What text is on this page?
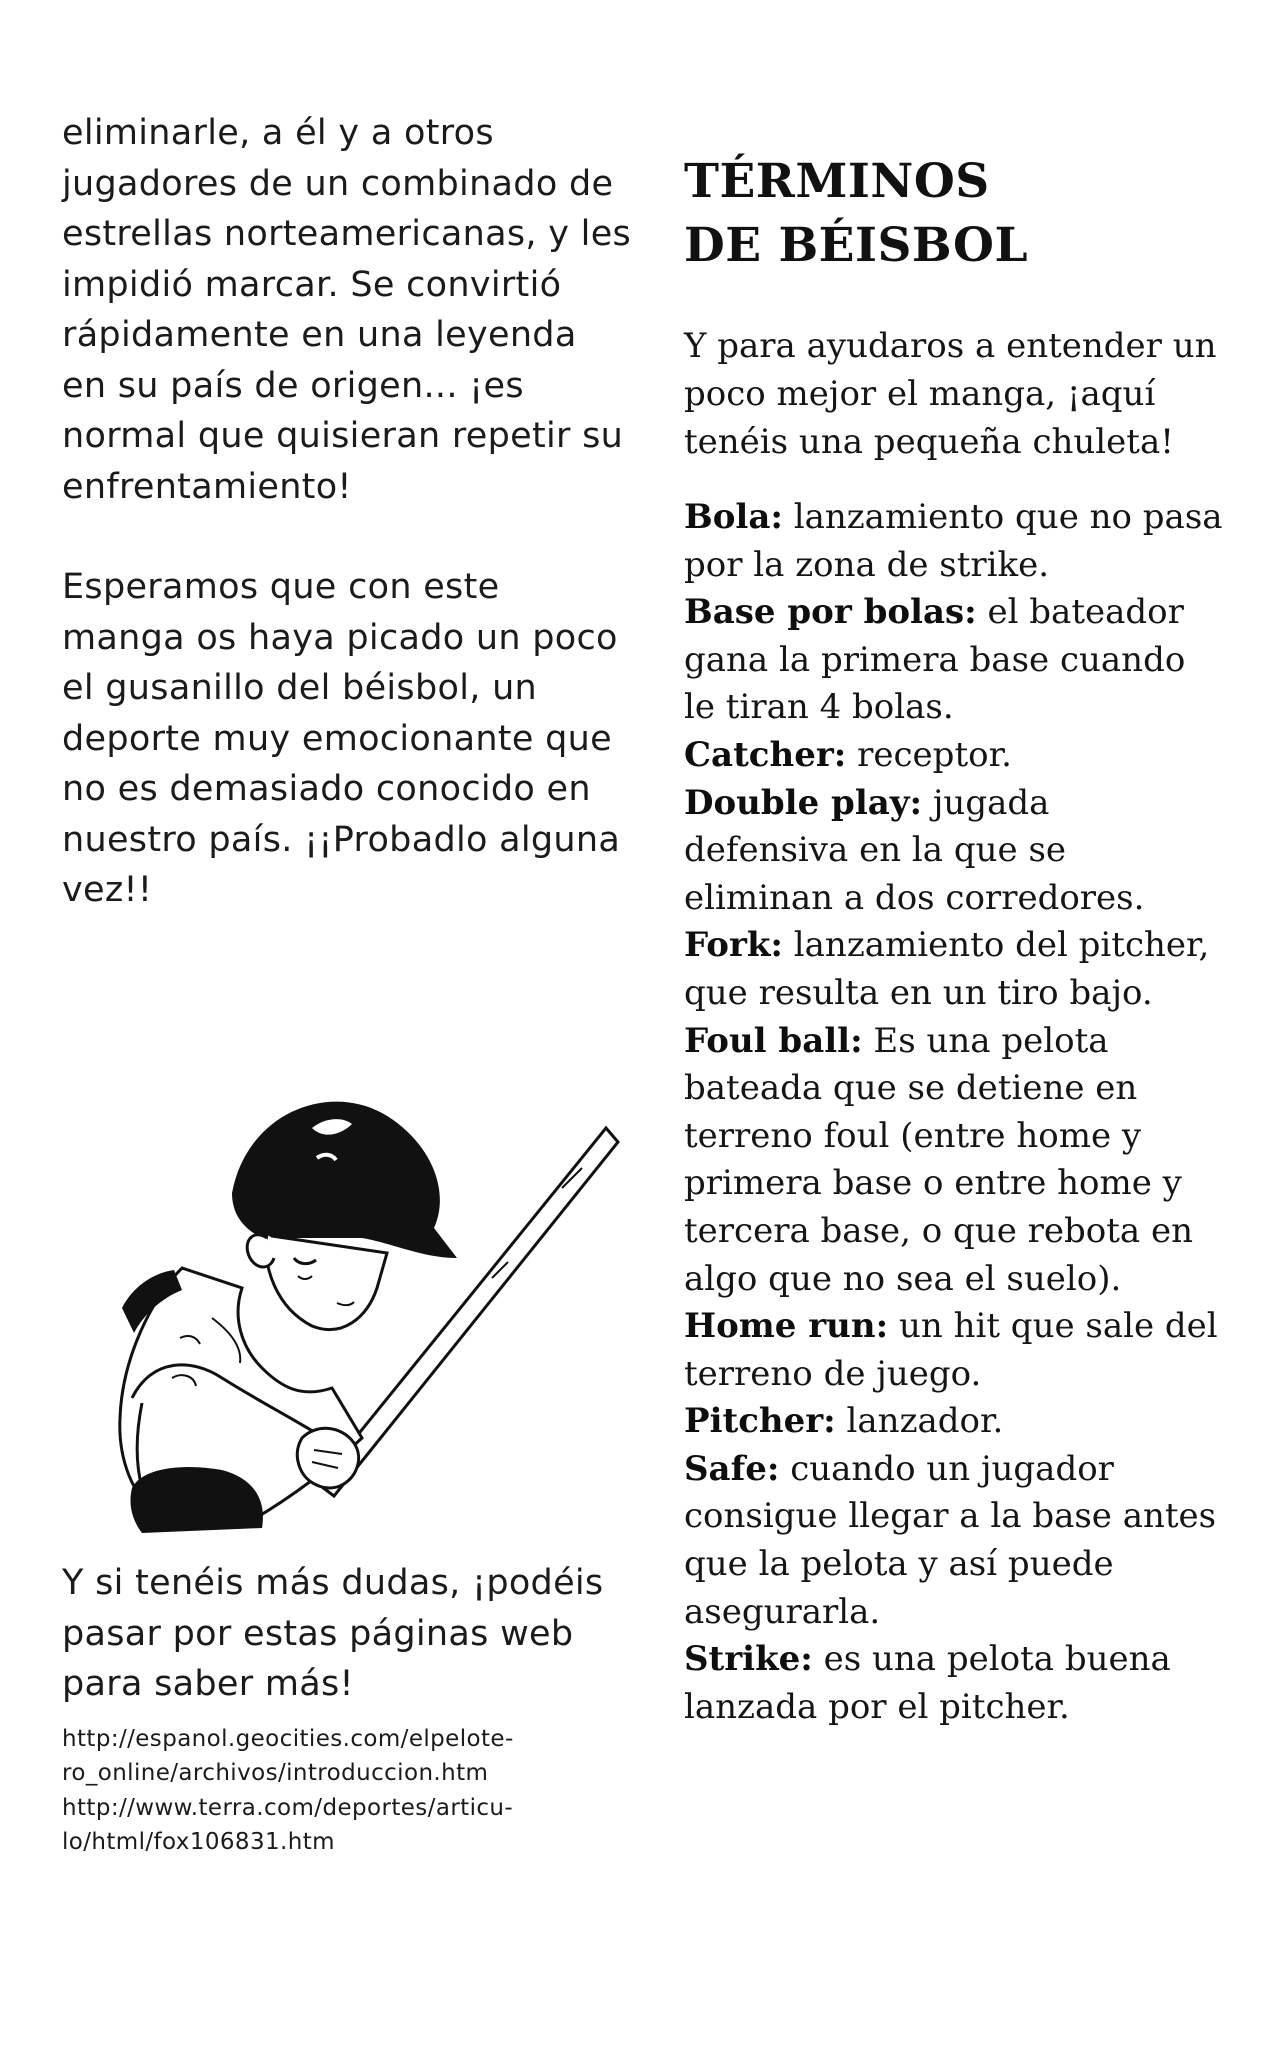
eliminarle, a él y a otros jugadores de un combinado de estrellas norteamericanas, y les impidió marcar. Se convirtió rápidamente en una leyenda en su país de origen... ¡es normal que quisieran repetir su enfrentamiento!

Esperamos que con este manga os haya picado un poco el gusanillo del béisbol, un deporte muy emocionante que no es demasiado conocido en nuestro país. ¡¡Probadlo alguna vez!!

Y si tenéis más dudas, ¡podéis pasar por estas páginas web para saber más!

http://espanol.geocities.com/elpelote-

ro_online/archivos/introduccion.htm

http://www.terra.com/deportes/articu-

lo/html/fox106831.htm

TÉRMINOS
DE BÉISBOL

Y para ayudaros a entender un poco mejor el manga, ¡aquí tenéis una pequeña chuleta!

Bola: lanzamiento que no pasa por la zona de strike.

Base por bolas: el bateador gana la primera base cuando le tiran 4 bolas.

Catcher: receptor.

Double play: jugada defensiva en la que se eliminan a dos corredores.

Fork: lanzamiento del pitcher, que resulta en un tiro bajo.

Foul ball: Es una pelota bateada que se detiene en terreno foul (entre home y primera base o entre home y tercera base, o que rebota en algo que no sea el suelo).

Home run: un hit que sale del terreno de juego.

Pitcher: lanzador.

Safe: cuando un jugador consigue llegar a la base antes que la pelota y así puede asegurarla.

Strike: es una pelota buena lanzada por el pitcher.
